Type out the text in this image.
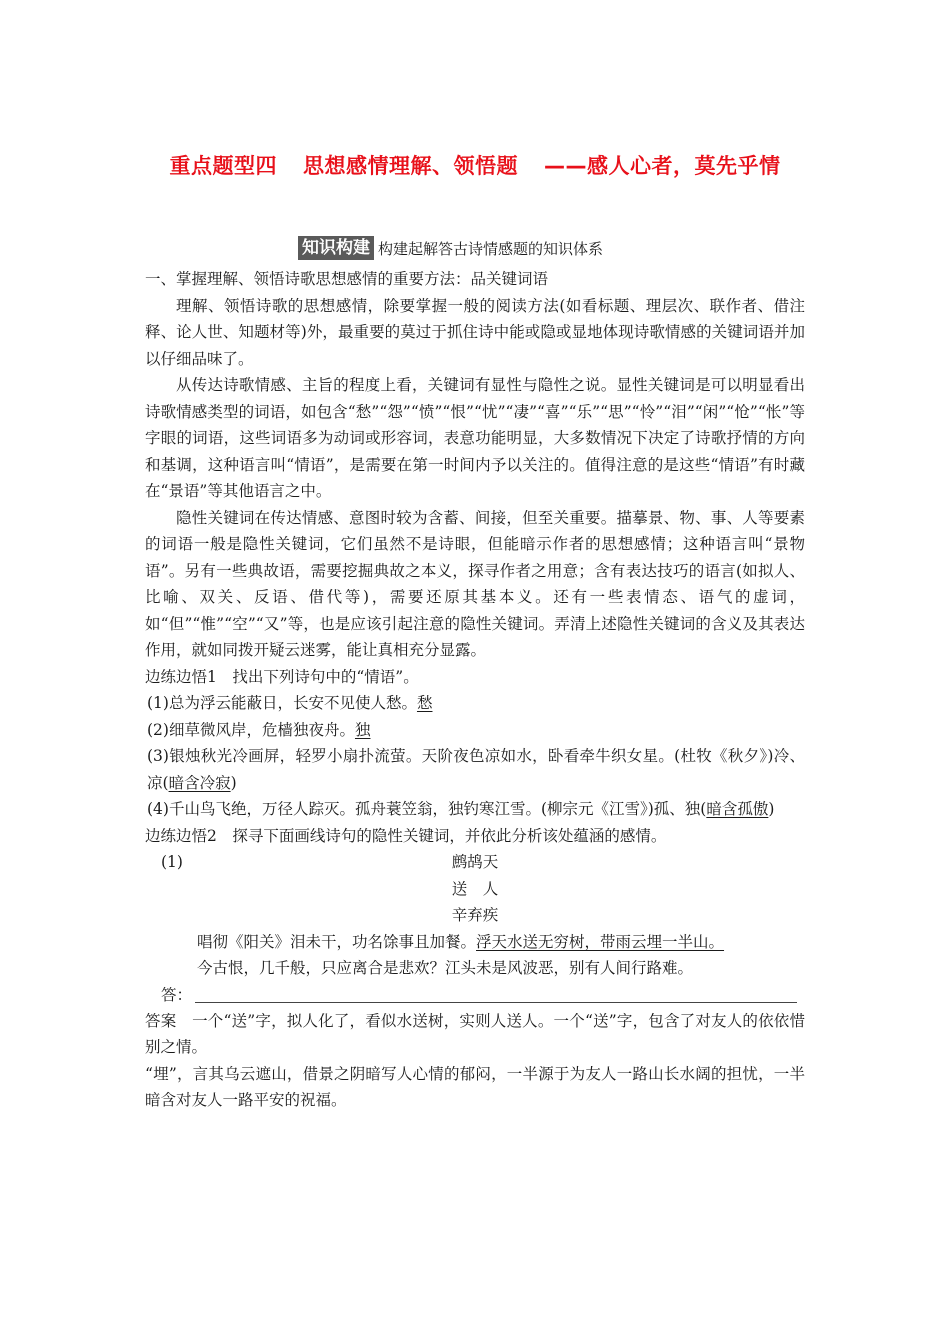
重点题型四 思想感情理解、领悟题 ——感人心者，莫先乎情
知识构建 构建起解答古诗情感题的知识体系

一、掌握理解、领悟诗歌思想感情的重要方法：品关键词语

理解、领悟诗歌的思想感情，除要掌握一般的阅读方法(如看标题、理层次、联作者、借注释、论人世、知题材等)外，最重要的莫过于抓住诗中能或隐或显地体现诗歌情感的关键词语并加以仔细品味了。

从传达诗歌情感、主旨的程度上看，关键词有显性与隐性之说。显性关键词是可以明显看出诗歌情感类型的词语，如包含“愁”“怨”“愤”“恨”“忧”“凄”“喜”“乐”“思”“怜”“泪”“闲”“怆”“怅”等字眼的词语，这些词语多为动词或形容词，表意功能明显，大多数情况下决定了诗歌抒情的方向和基调，这种语言叫“情语”，是需要在第一时间内予以关注的。值得注意的是这些“情语”有时藏在“景语”等其他语言之中。

隐性关键词在传达情感、意图时较为含蓄、间接，但至关重要。描摹景、物、事、人等要素的词语一般是隐性关键词，它们虽然不是诗眼，但能暗示作者的思想感情；这种语言叫“景物语”。另有一些典故语，需要挖掘典故之本义，探寻作者之用意；含有表达技巧的语言(如拟人、比喻、双关、反语、借代等)，需要还原其基本义。还有一些表情态、语气的虚词，如“但”“惟”“空”“又”等，也是应该引起注意的隐性关键词。弄清上述隐性关键词的含义及其表达作用，就如同拨开疑云迷雾，能让真相充分显露。

边练边悟1　找出下列诗句中的“情语”。

(1)总为浮云能蔽日，长安不见使人愁。愁

(2)细草微风岸，危樯独夜舟。独

(3)银烛秋光冷画屏，轻罗小扇扑流萤。天阶夜色凉如水，卧看牵牛织女星。(杜牧《秋夕》)冷、凉(暗含冷寂)

(4)千山鸟飞绝，万径人踪灭。孤舟蓑笠翁，独钓寒江雪。(柳宗元《江雪》)孤、独(暗含孤傲)

边练边悟2　探寻下面画线诗句的隐性关键词，并依此分析该处蕴涵的感情。

(1)	鹧鸪天

送　人

辛弃疾

唱彻《阳关》泪未干，功名馀事且加餐。浮天水送无穷树，带雨云埋一半山。

今古恨，几千般，只应离合是悲欢？江头未是风波恶，别有人间行路难。

答：

答案　一个“送”字，拟人化了，看似水送树，实则人送人。一个“送”字，包含了对友人的依依惜别之情。

“埋”，言其乌云遮山，借景之阴暗写人心情的郁闷，一半源于为友人一路山长水阔的担忧，一半暗含对友人一路平安的祝福。
